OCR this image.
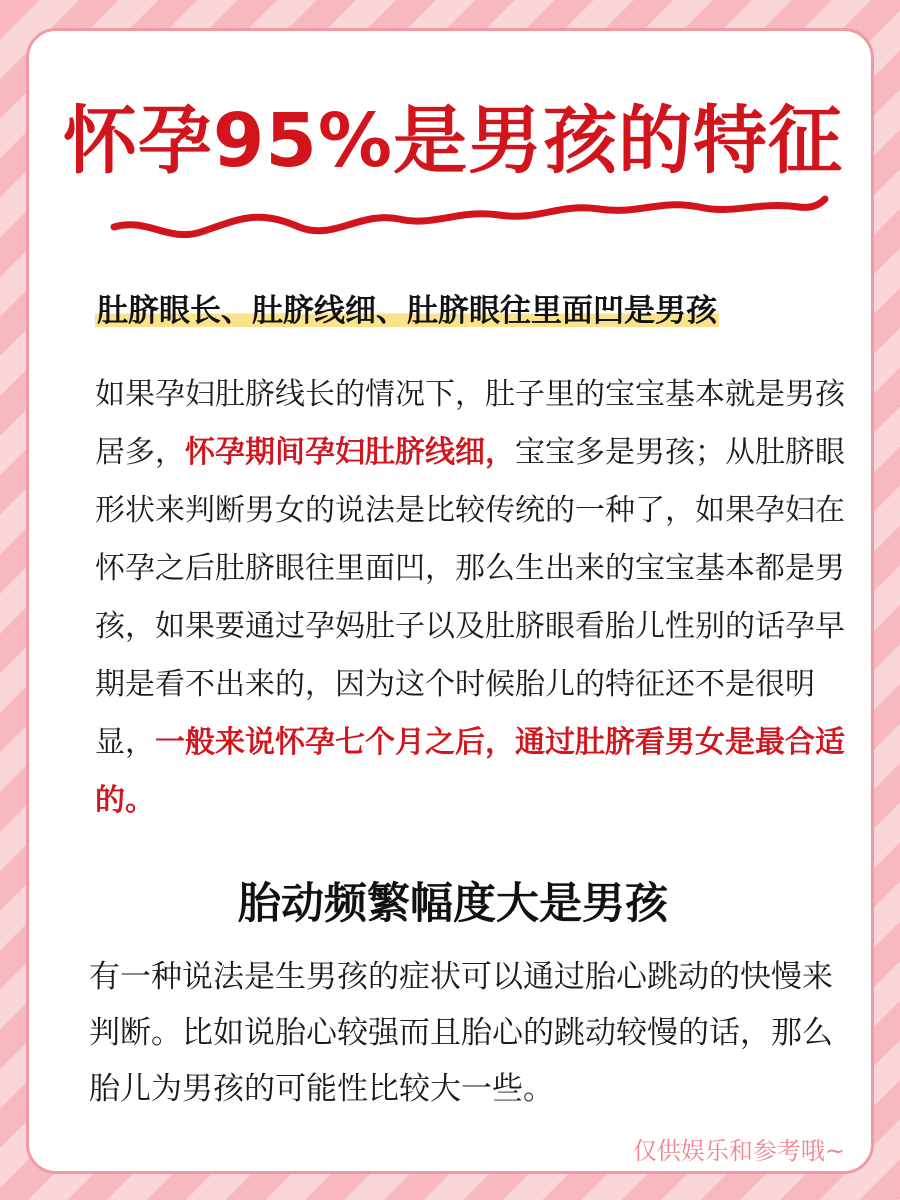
怀孕95%是男孩的特征
肚脐眼长、肚脐线细、肚脐眼往里面凹是男孩

如果孕妇肚脐线长的情况下，肚子里的宝宝基本就是男孩居多，怀孕期间孕妇肚脐线细，宝宝多是男孩；从肚脐眼形状来判断男女的说法是比较传统的一种了，如果孕妇在怀孕之后肚脐眼往里面凹，那么生出来的宝宝基本都是男孩，如果要通过孕妈肚子以及肚脐眼看胎儿性别的话孕早期是看不出来的，因为这个时候胎儿的特征还不是很明显，一般来说怀孕七个月之后，通过肚脐看男女是最合适的。

胎动频繁幅度大是男孩

有一种说法是生男孩的症状可以通过胎心跳动的快慢来判断。比如说胎心较强而且胎心的跳动较慢的话，那么胎儿为男孩的可能性比较大一些。

仅供娱乐和参考哦~
